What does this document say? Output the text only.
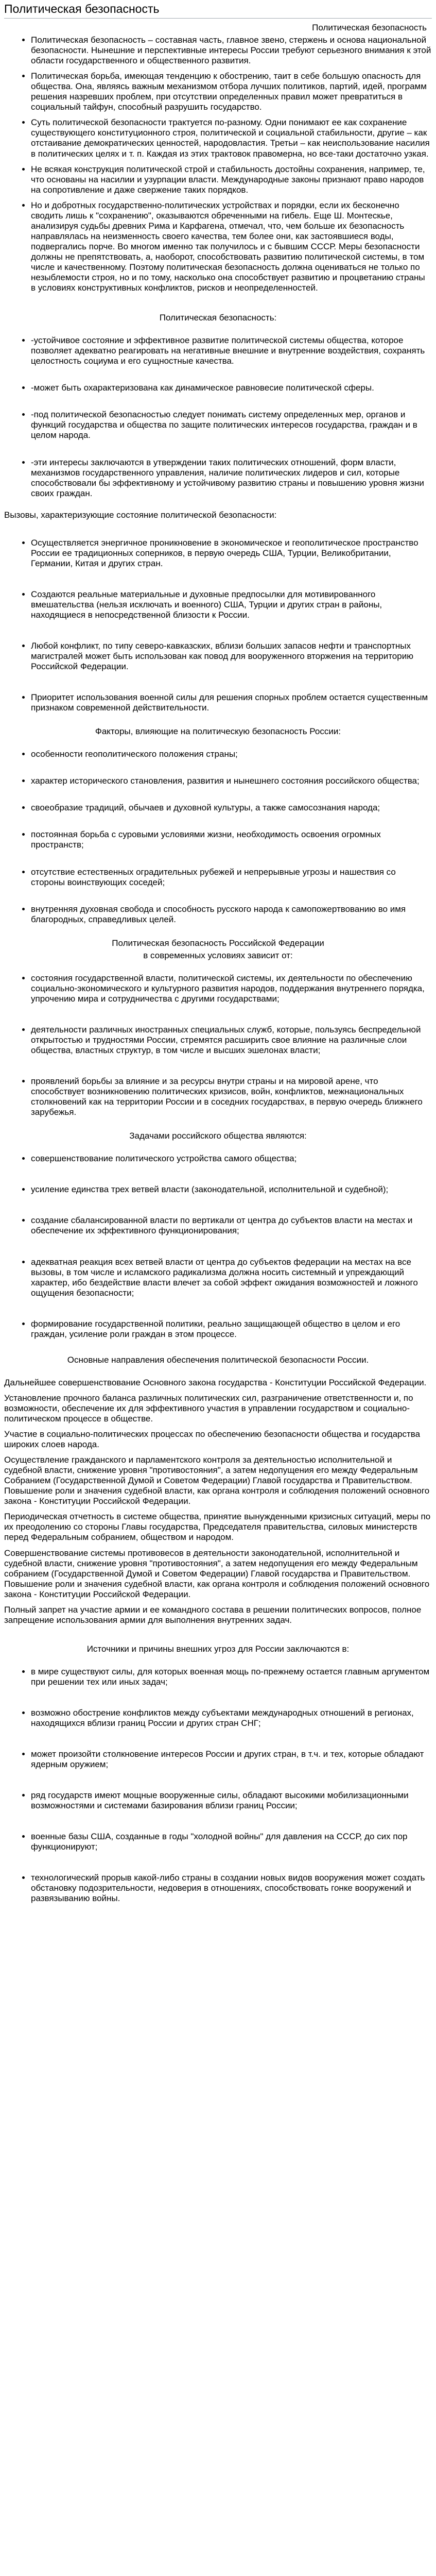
Политическая безопасность
Политическая безопасность
• Политическая безопасность – составная часть, главное звено, стержень и основа национальной безопасности. Нынешние и перспективные интересы России требуют серьезного внимания к этой области государственного и общественного развития.
• Политическая борьба, имеющая тенденцию к обострению, таит в себе большую опасность для общества. Она, являясь важным механизмом отбора лучших политиков, партий, идей, программ решения назревших проблем, при отсутствии определенных правил может превратиться в социальный тайфун, способный разрушить государство.
• Суть политической безопасности трактуется по-разному. Одни понимают ее как сохранение существующего конституционного строя, политической и социальной стабильности, другие – как отстаивание демократических ценностей, народовластия. Третьи – как неиспользование насилия в политических целях и т. п. Каждая из этих трактовок правомерна, но все-таки достаточно узкая.
• Не всякая конструкция политической строй и стабильность достойны сохранения, например, те, что основаны на насилии и узурпации власти. Международные законы признают право народов на сопротивление и даже свержение таких порядков.
• Но и добротных государственно-политических устройствах и порядки, если их бесконечно сводить лишь к "сохранению", оказываются обреченными на гибель. Еще Ш. Монтескье, анализируя судьбы древних Рима и Карфагена, отмечал, что, чем больше их безопасность направлялась на неизменность своего качества, тем более они, как застоявшиеся воды, подвергались порче. Во многом именно так получилось и с бывшим СССР. Меры безопасности должны не препятствовать, а, наоборот, способствовать развитию политической системы, в том числе и качественному. Поэтому политическая безопасность должна оцениваться не только по незыблемости строя, но и по тому, насколько она способствует развитию и процветанию страны в условиях конструктивных конфликтов, рисков и неопределенностей.
Политическая безопасность:
• -устойчивое состояние и эффективное развитие политической системы общества, которое позволяет адекватно реагировать на негативные внешние и внутренние воздействия, сохранять целостность социума и его сущностные качества.
• -может быть охарактеризована как динамическое равновесие политической сферы.
• -под политической безопасностью следует понимать систему определенных мер, органов и функций государства и общества по защите политических интересов государства, граждан и в целом народа.
• -эти интересы заключаются в утверждении таких политических отношений, форм власти, механизмов государственного управления, наличие политических лидеров и сил, которые способствовали бы эффективному и устойчивому развитию страны и повышению уровня жизни своих граждан.
Вызовы, характеризующие состояние политической безопасности:
• Осуществляется энергичное проникновение в экономическое и геополитическое пространство России ее традиционных соперников, в первую очередь США, Турции, Великобритании, Германии, Китая и других стран.
• Создаются реальные материальные и духовные предпосылки для мотивированного вмешательства (нельзя исключать и военного) США, Турции и других стран в районы, находящиеся в непосредственной близости к России.
• Любой конфликт, по типу северо-кавказских, вблизи больших запасов нефти и транспортных магистралей может быть использован как повод для вооруженного вторжения на территорию Российской Федерации.
• Приоритет использования военной силы для решения спорных проблем остается существенным признаком современной действительности.
Факторы, влияющие на политическую безопасность России:
• особенности геополитического положения страны;
• характер исторического становления, развития и нынешнего состояния российского общества;
• своеобразие традиций, обычаев и духовной культуры, а также самосознания народа;
• постоянная борьба с суровыми условиями жизни, необходимость освоения огромных пространств;
• отсутствие естественных оградительных рубежей и непрерывные угрозы и нашествия со стороны воинствующих соседей;
• внутренняя духовная свобода и способность русского народа к самопожертвованию во имя благородных, справедливых целей.
Политическая безопасность Российской Федерации
в современных условиях зависит от:
• состояния государственной власти, политической системы, их деятельности по обеспечению социально-экономического и культурного развития народов, поддержания внутреннего порядка, упрочению мира и сотрудничества с другими государствами;
• деятельности различных иностранных специальных служб, которые, пользуясь беспредельной открытостью и трудностями России, стремятся расширить свое влияние на различные слои общества, властных структур, в том числе и высших эшелонах власти;
• проявлений борьбы за влияние и за ресурсы внутри страны и на мировой арене, что способствует возникновению политических кризисов, войн, конфликтов, межнациональных столкновений как на территории России и в соседних государствах, в первую очередь ближнего зарубежья.
Задачами российского общества являются:
• совершенствование политического устройства самого общества;
• усиление единства трех ветвей власти (законодательной, исполнительной и судебной);
• создание сбалансированной власти по вертикали от центра до субъектов власти на местах и обеспечение их эффективного функционирования;
• адекватная реакция всех ветвей власти от центра до субъектов федерации на местах на все вызовы, в том числе и исламского радикализма должна носить системный и упреждающий характер, ибо бездействие власти влечет за собой эффект ожидания возможностей и ложного ощущения безопасности;
• формирование государственной политики, реально защищающей общество в целом и его граждан, усиление роли граждан в этом процессе.
Основные направления обеспечения политической безопасности России.

Дальнейшее совершенствование Основного закона государства - Конституции Российской Федерации.

Установление прочного баланса различных политических сил, разграничение ответственности и, по возможности, обеспечение их для эффективного участия в управлении государством и социально-политическом процессе в обществе.

Участие в социально-политических процессах по обеспечению безопасности общества и государства широких слоев народа.

Осуществление гражданского и парламентского контроля за деятельностью исполнительной и судебной власти, снижение уровня "противостояния", а затем недопущения его между Федеральным Собранием (Государственной Думой и Советом Федерации) Главой государства и Правительством. Повышение роли и значения судебной власти, как органа контроля и соблюдения положений основного закона - Конституции Российской Федерации.

Периодическая отчетность в системе общества, принятие вынужденными кризисных ситуаций, меры по их преодолению со стороны Главы государства, Председателя правительства, силовых министерств перед Федеральным собранием, обществом и народом.

Совершенствование системы противовесов в деятельности законодательной, исполнительной и судебной власти, снижение уровня "противостояния", а затем недопущения его между Федеральным собранием (Государственной Думой и Советом Федерации) Главой государства и Правительством. Повышение роли и значения судебной власти, как органа контроля и соблюдения положений основного закона - Конституции Российской Федерации.

Полный запрет на участие армии и ее командного состава в решении политических вопросов, полное запрещение использования армии для выполнения внутренних задач.

Источники и причины внешних угроз для России заключаются в:
• в мире существуют силы, для которых военная мощь по-прежнему остается главным аргументом при решении тех или иных задач;
• возможно обострение конфликтов между субъектами международных отношений в регионах, находящихся вблизи границ России и других стран СНГ;
• может произойти столкновение интересов России и других стран, в т.ч. и тех, которые обладают ядерным оружием;
• ряд государств имеют мощные вооруженные силы, обладают высокими мобилизационными возможностями и системами базирования вблизи границ России;
• военные базы США, созданные в годы "холодной войны" для давления на СССР, до сих пор функционируют;
• технологический прорыв какой-либо страны в создании новых видов вооружения может создать обстановку подозрительности, недоверия в отношениях, способствовать гонке вооружений и развязыванию войны.
